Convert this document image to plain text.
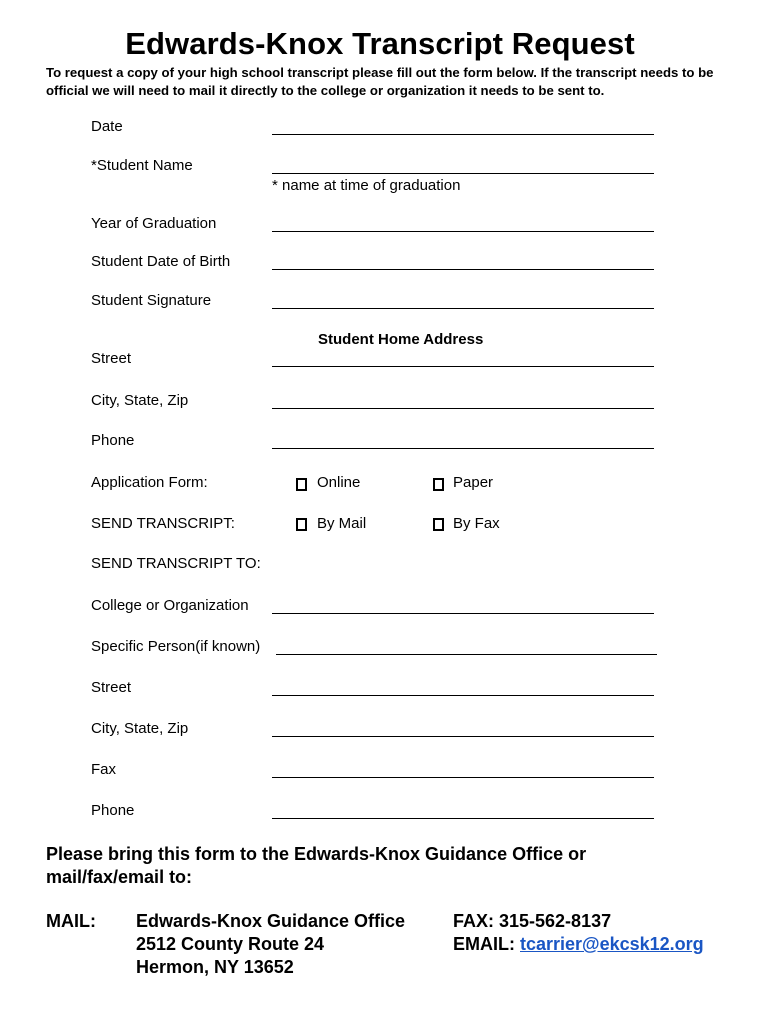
Edwards-Knox Transcript Request
To request a copy of your high school transcript please fill out the form below. If the transcript needs to be official we will need to mail it directly to the college or organization it needs to be sent to.
Date
*Student Name
* name at time of graduation
Year of Graduation
Student Date of Birth
Student Signature
Student Home Address
Street
City, State, Zip
Phone
Application Form:	Online	Paper
SEND TRANSCRIPT:	By Mail	By Fax
SEND TRANSCRIPT TO:
College or Organization
Specific Person(if known)
Street
City, State, Zip
Fax
Phone
Please bring this form to the Edwards-Knox Guidance Office or mail/fax/email to:
MAIL: Edwards-Knox Guidance Office
2512 County Route 24
Hermon, NY 13652
FAX: 315-562-8137
EMAIL: tcarrier@ekcsk12.org
